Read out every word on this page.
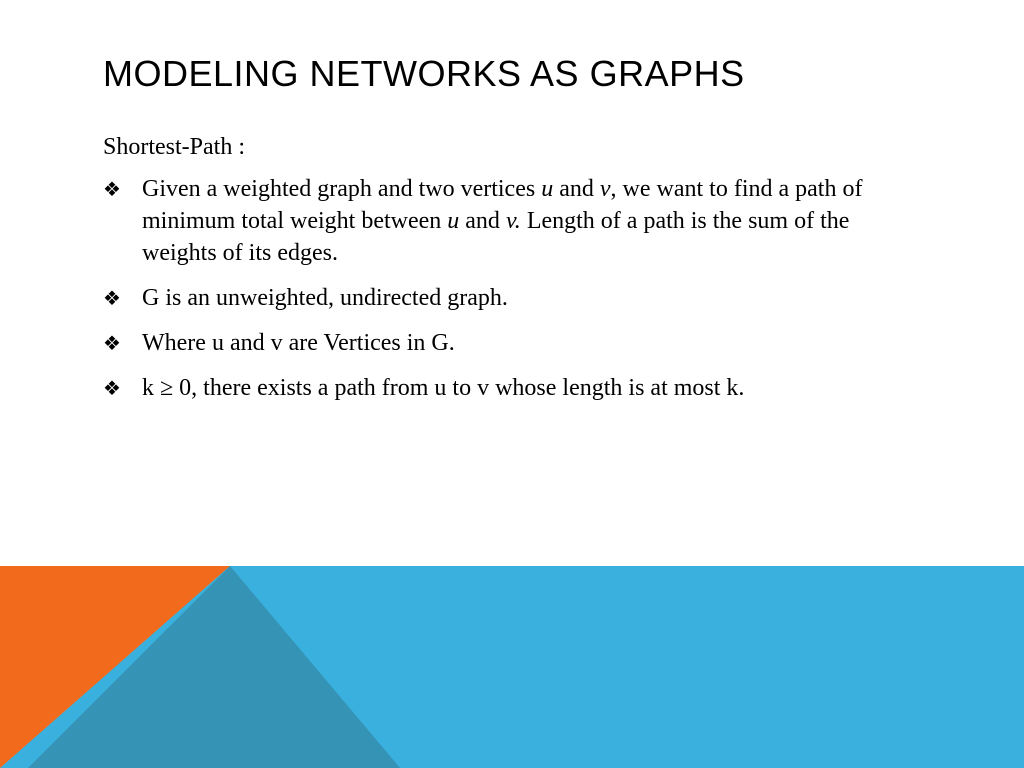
MODELING NETWORKS AS GRAPHS

Shortest-Path :

❖ Given a weighted graph and two vertices u and v, we want to find a path of minimum total weight between u and v. Length of a path is the sum of the weights of its edges.
❖ G is an unweighted, undirected graph.
❖ Where u and v are Vertices in G.
❖ k ≥ 0, there exists a path from u to v whose length is at most k.
